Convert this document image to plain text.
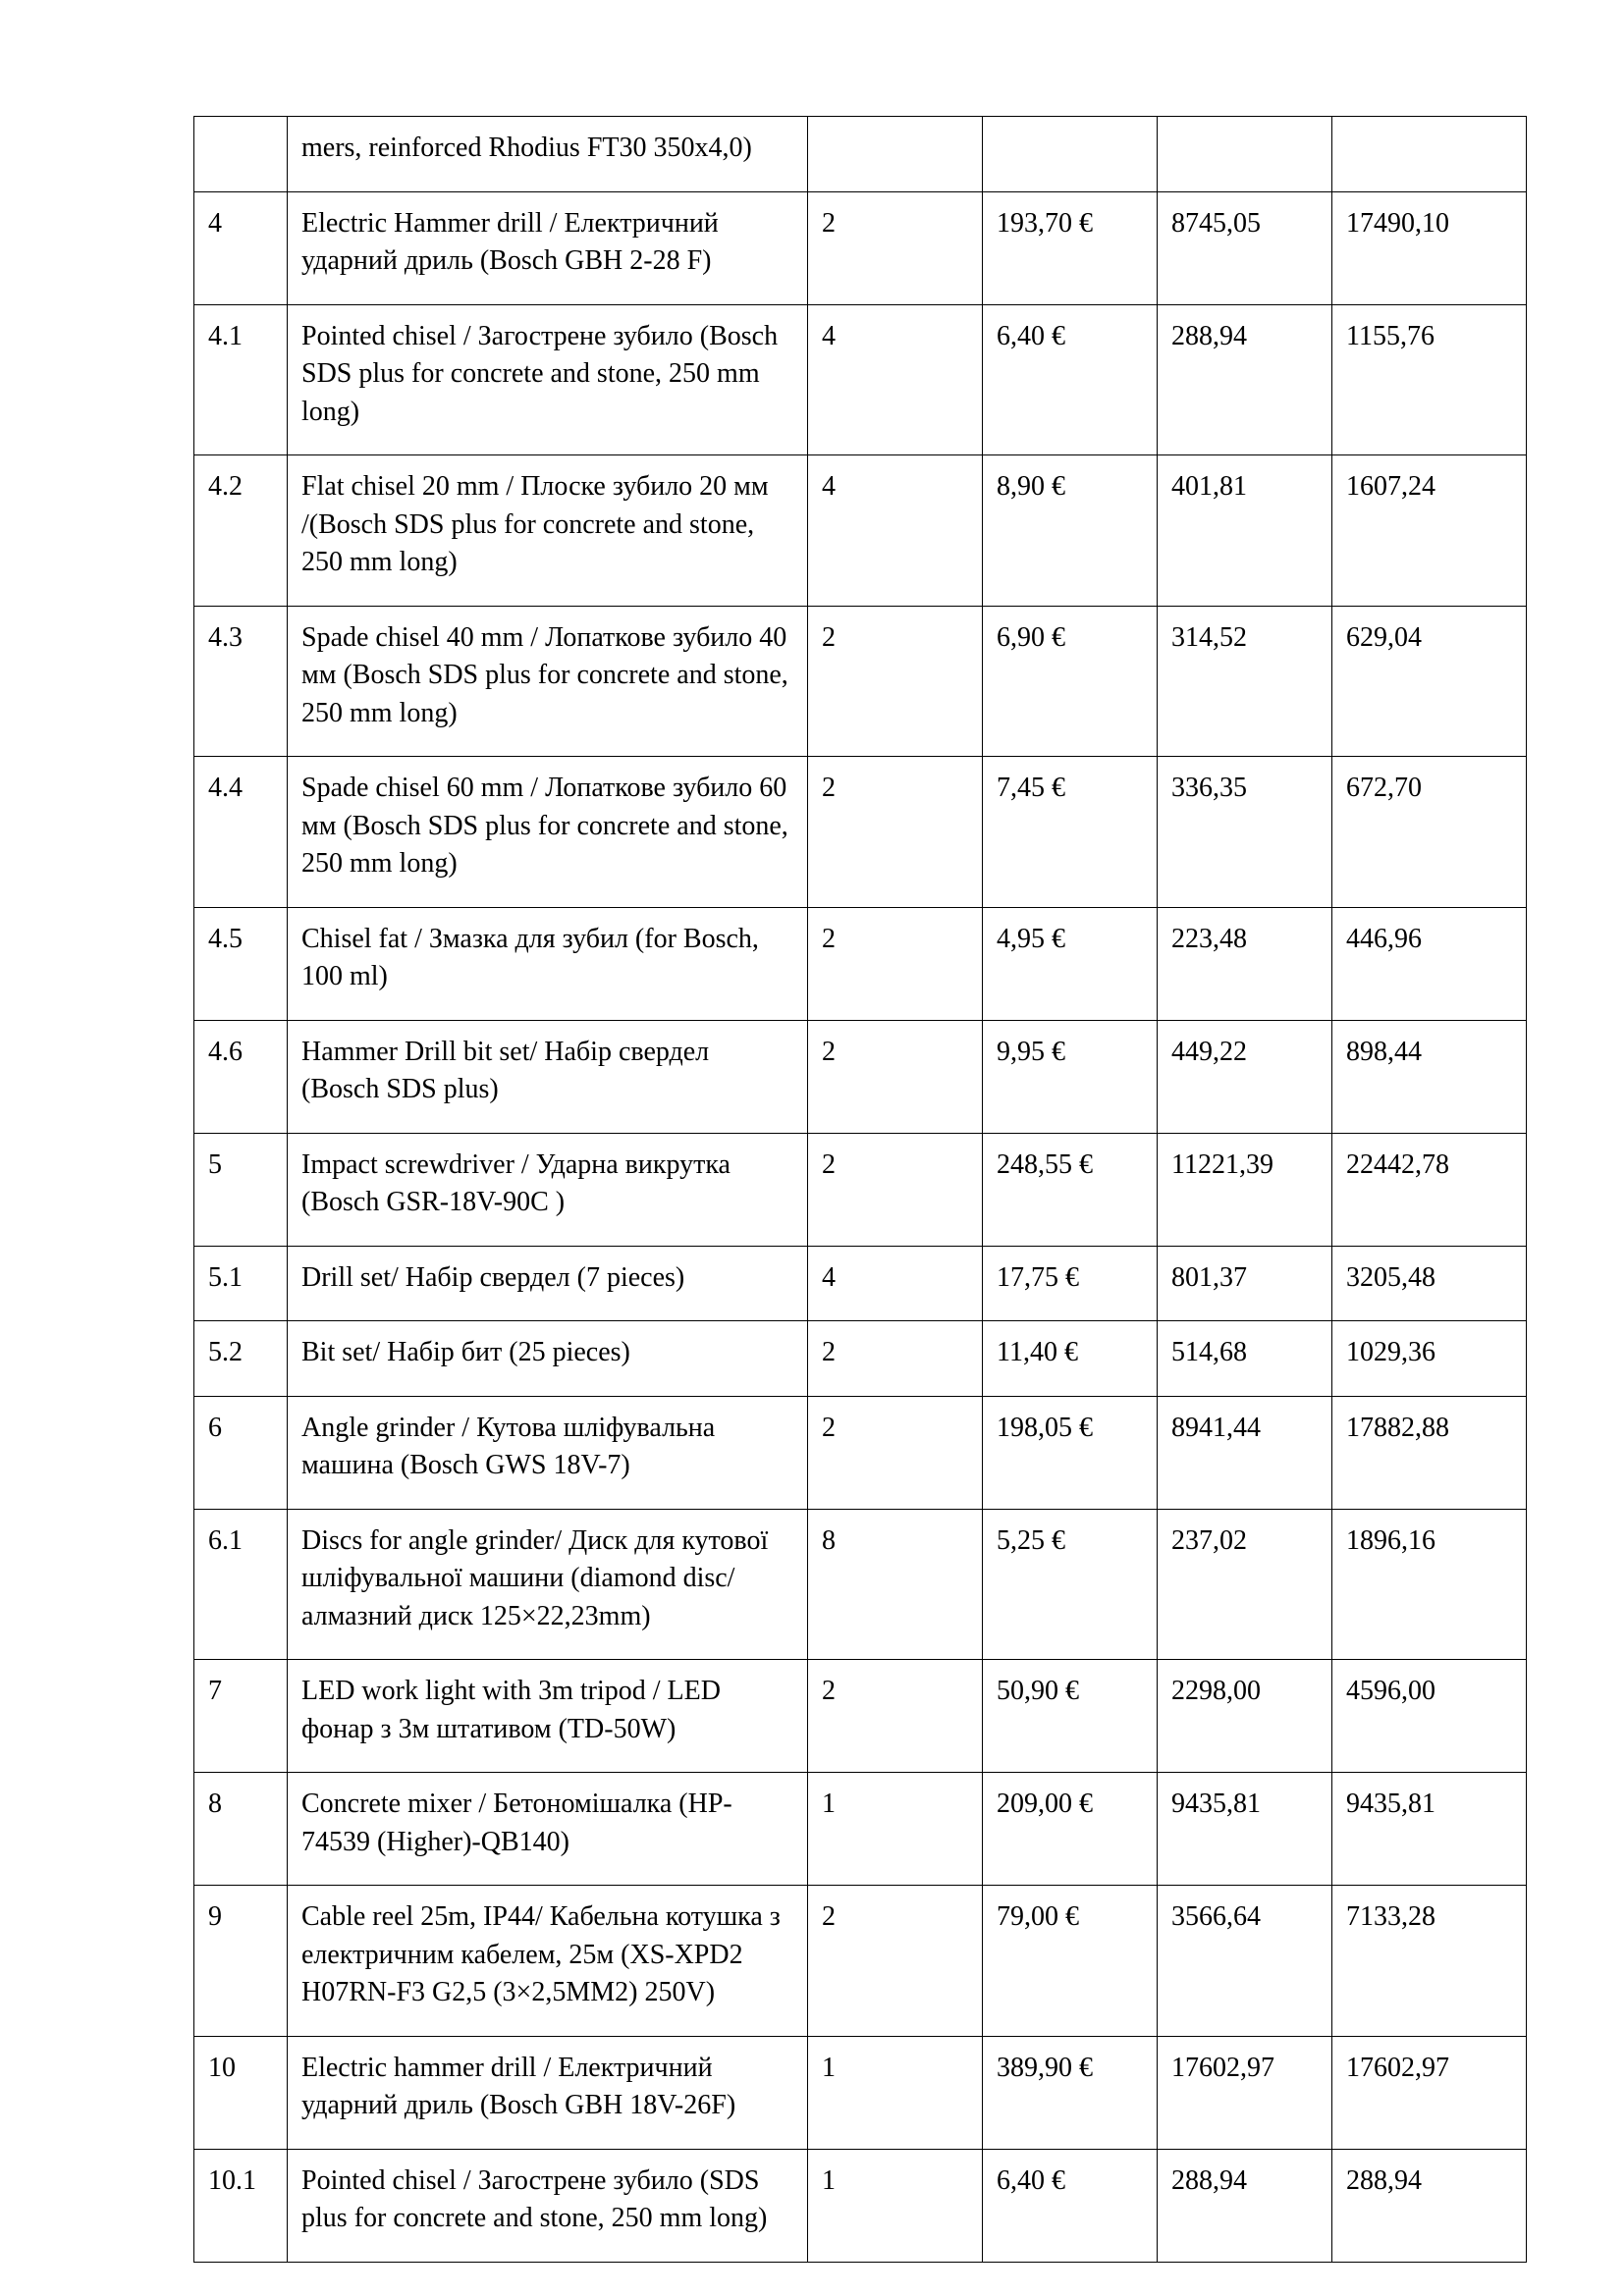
	mers, reinforced Rhodius FT30 350x4,0)				
4	Electric Hammer drill / Електричний ударний дриль (Bosch GBH 2-28 F)	2	193,70 €	8745,05	17490,10
4.1	Pointed chisel / Загострене зубило (Bosch SDS plus for concrete and stone, 250 mm long)	4	6,40 €	288,94	1155,76
4.2	Flat chisel 20 mm / Плоске зубило 20 мм /(Bosch SDS plus for concrete and stone, 250 mm long)	4	8,90 €	401,81	1607,24
4.3	Spade chisel 40 mm / Лопаткове зубило 40 мм (Bosch SDS plus for concrete and stone, 250 mm long)	2	6,90 €	314,52	629,04
4.4	Spade chisel 60 mm / Лопаткове зубило 60 мм (Bosch SDS plus for concrete and stone, 250 mm long)	2	7,45 €	336,35	672,70
4.5	Chisel fat / Змазка для зубил (for Bosch, 100 ml)	2	4,95 €	223,48	446,96
4.6	Hammer Drill bit set/ Набір свердел (Bosch SDS plus)	2	9,95 €	449,22	898,44
5	Impact screwdriver / Ударна викрутка (Bosch GSR-18V-90C )	2	248,55 €	11221,39	22442,78
5.1	Drill set/ Набір свердел (7 pieces)	4	17,75 €	801,37	3205,48
5.2	Bit set/ Набір бит (25 pieces)	2	11,40 €	514,68	1029,36
6	Angle grinder / Кутова шліфувальна машина (Bosch GWS 18V-7)	2	198,05 €	8941,44	17882,88
6.1	Discs for angle grinder/ Диск для кутової шліфувальної машини (diamond disc/ алмазний диск 125×22,23mm)	8	5,25 €	237,02	1896,16
7	LED work light with 3m tripod / LED фонар з 3м штативом (TD-50W)	2	50,90 €	2298,00	4596,00
8	Concrete mixer / Бетономішалка (HP-74539 (Higher)-QB140)	1	209,00 €	9435,81	9435,81
9	Cable reel 25m, IP44/ Кабельна котушка з електричним кабелем, 25м (XS-XPD2 H07RN-F3 G2,5 (3×2,5MM2) 250V)	2	79,00 €	3566,64	7133,28
10	Electric hammer drill / Електричний ударний дриль (Bosch GBH 18V-26F)	1	389,90 €	17602,97	17602,97
10.1	Pointed chisel / Загострене зубило (SDS plus for concrete and stone, 250 mm long)	1	6,40 €	288,94	288,94
